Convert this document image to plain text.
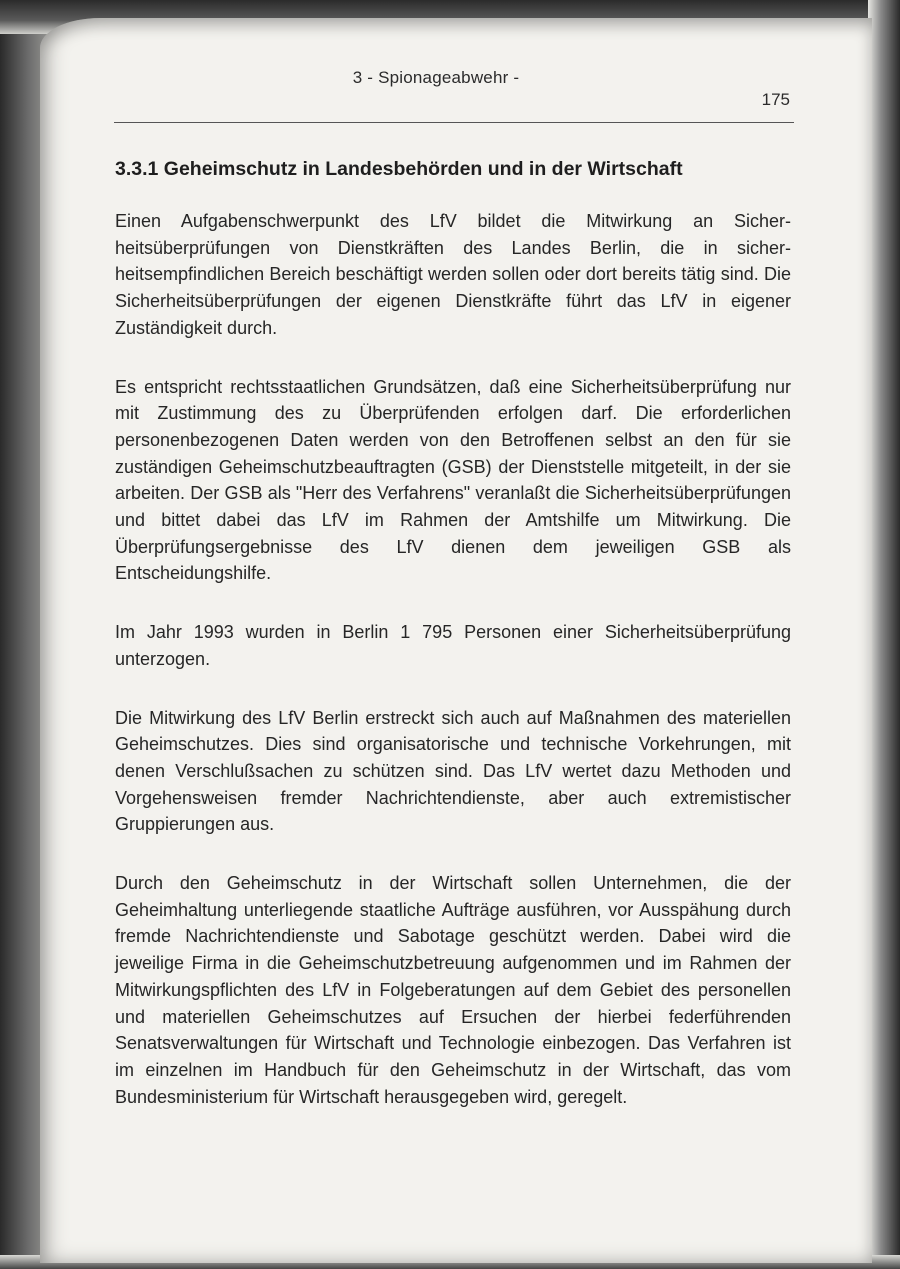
3 - Spionageabwehr -
175
3.3.1 Geheimschutz in Landesbehörden und in der Wirtschaft

Einen Aufgabenschwerpunkt des LfV bildet die Mitwirkung an Sicherheitsüberprüfungen von Dienstkräften des Landes Berlin, die in sicherheitsempfindlichen Bereich beschäftigt werden sollen oder dort bereits tätig sind. Die Sicherheitsüberprüfungen der eigenen Dienstkräfte führt das LfV in eigener Zuständigkeit durch.

Es entspricht rechtsstaatlichen Grundsätzen, daß eine Sicherheitsüberprüfung nur mit Zustimmung des zu Überprüfenden erfolgen darf. Die erforderlichen personenbezogenen Daten werden von den Betroffenen selbst an den für sie zuständigen Geheimschutzbeauftragten (GSB) der Dienststelle mitgeteilt, in der sie arbeiten. Der GSB als "Herr des Verfahrens" veranlaßt die Sicherheitsüberprüfungen und bittet dabei das LfV im Rahmen der Amtshilfe um Mitwirkung. Die Überprüfungsergebnisse des LfV dienen dem jeweiligen GSB als Entscheidungshilfe.

Im Jahr 1993 wurden in Berlin 1 795 Personen einer Sicherheitsüberprüfung unterzogen.

Die Mitwirkung des LfV Berlin erstreckt sich auch auf Maßnahmen des materiellen Geheimschutzes. Dies sind organisatorische und technische Vorkehrungen, mit denen Verschlußsachen zu schützen sind. Das LfV wertet dazu Methoden und Vorgehensweisen fremder Nachrichtendienste, aber auch extremistischer Gruppierungen aus.

Durch den Geheimschutz in der Wirtschaft sollen Unternehmen, die der Geheimhaltung unterliegende staatliche Aufträge ausführen, vor Ausspähung durch fremde Nachrichtendienste und Sabotage geschützt werden. Dabei wird die jeweilige Firma in die Geheimschutzbetreuung aufgenommen und im Rahmen der Mitwirkungspflichten des LfV in Folgeberatungen auf dem Gebiet des personellen und materiellen Geheimschutzes auf Ersuchen der hierbei federführenden Senatsverwaltungen für Wirtschaft und Technologie einbezogen. Das Verfahren ist im einzelnen im Handbuch für den Geheimschutz in der Wirtschaft, das vom Bundesministerium für Wirtschaft herausgegeben wird, geregelt.
